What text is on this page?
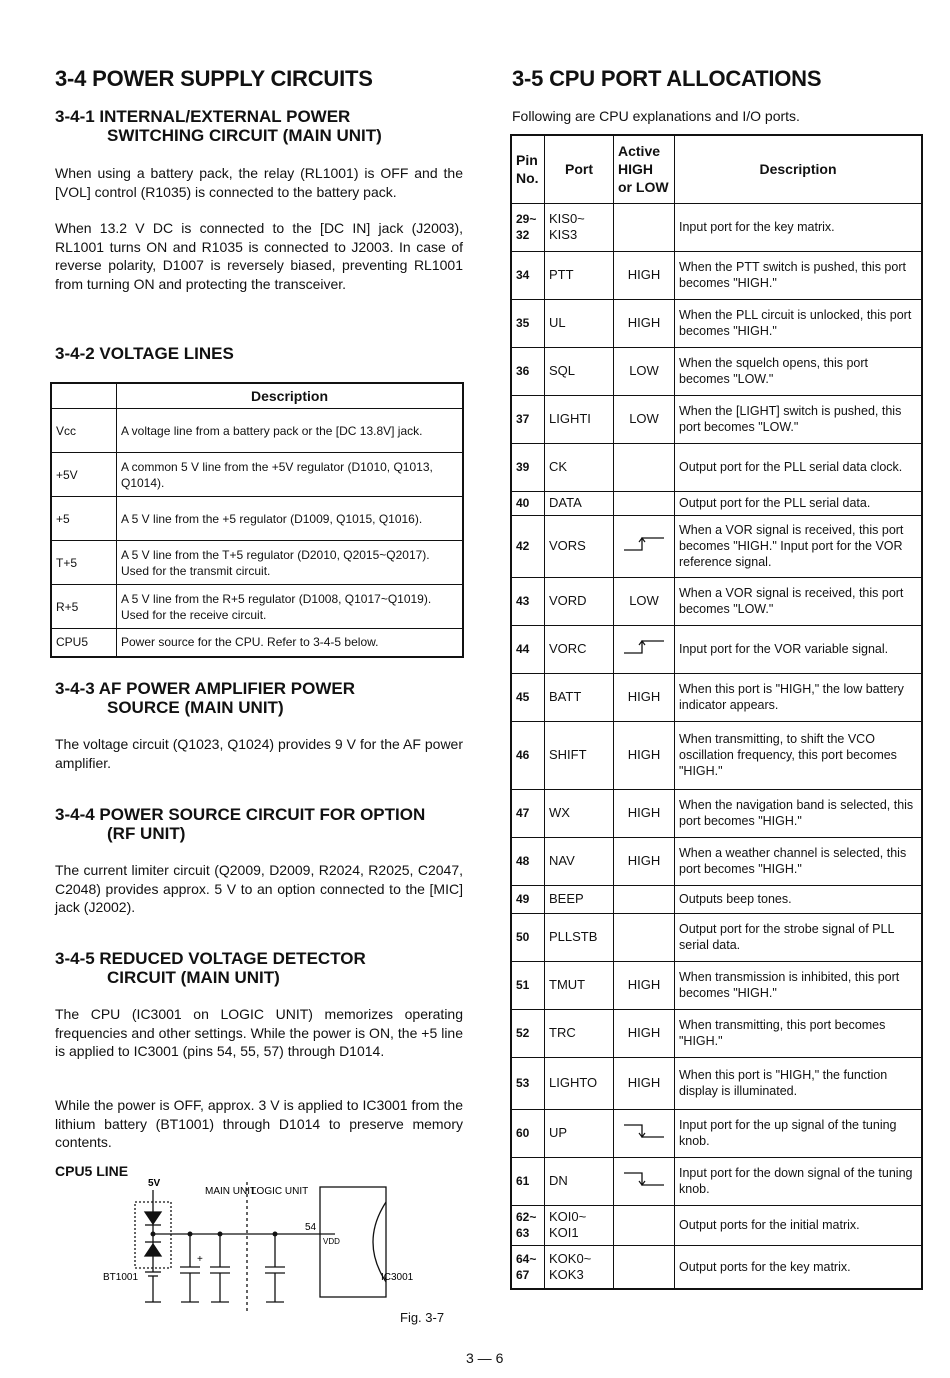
3-4 POWER SUPPLY CIRCUITS
3-4-1 INTERNAL/EXTERNAL POWER
SWITCHING CIRCUIT (MAIN UNIT)

When using a battery pack, the relay (RL1001) is OFF and the [VOL] control (R1035) is connected to the battery pack.

When 13.2 V DC is connected to the [DC IN] jack (J2003), RL1001 turns ON and R1035 is connected to J2003. In case of reverse polarity, D1007 is reversely biased, preventing RL1001 from turning ON and protecting the transceiver.

3-4-2 VOLTAGE LINES
	Description
Vcc	A voltage line from a battery pack or the [DC 13.8V] jack.
+5V	A common 5 V line from the +5V regulator (D1010, Q1013, Q1014).
+5	A 5 V line from the +5 regulator (D1009, Q1015, Q1016).
T+5	A 5 V line from the T+5 regulator (D2010, Q2015~Q2017). Used for the transmit circuit.
R+5	A 5 V line from the R+5 regulator (D1008, Q1017~Q1019). Used for the receive circuit.
CPU5	Power source for the CPU. Refer to 3-4-5 below.
3-4-3 AF POWER AMPLIFIER POWER
SOURCE (MAIN UNIT)

The voltage circuit (Q1023, Q1024) provides 9 V for the AF power amplifier.

3-4-4 POWER SOURCE CIRCUIT FOR OPTION
(RF UNIT)

The current limiter circuit (Q2009, D2009, R2024, R2025, C2047, C2048) provides approx. 5 V to an option connected to the [MIC] jack (J2002).

3-4-5 REDUCED VOLTAGE DETECTOR
CIRCUIT (MAIN UNIT)

The CPU (IC3001 on LOGIC UNIT) memorizes operating frequencies and other settings. While the power is ON, the +5 line is applied to IC3001 (pins 54, 55, 57) through D1014.

While the power is OFF, approx. 3 V is applied to IC3001 from the lithium battery (BT1001) through D1014 to preserve memory contents.

CPU5 LINE
5V
MAIN UNIT
LOGIC UNIT
54
VDD
BT1001	IC3001
+
Fig. 3-7
3-5 CPU PORT ALLOCATIONS

Following are CPU explanations and I/O ports.

Pin No.	Port	Active HIGH or LOW	Description
29~ 32	KIS0~ KIS3		Input port for the key matrix.
34	PTT	HIGH	When the PTT switch is pushed, this port becomes "HIGH."
35	UL	HIGH	When the PLL circuit is unlocked, this port becomes "HIGH."
36	SQL	LOW	When the squelch opens, this port becomes "LOW."
37	LIGHTI	LOW	When the [LIGHT] switch is pushed, this port becomes "LOW."
39	CK		Output port for the PLL serial data clock.
40	DATA		Output port for the PLL serial data.
42	VORS		When a VOR signal is received, this port becomes "HIGH." Input port for the VOR reference signal.
43	VORD	LOW	When a VOR signal is received, this port becomes "LOW."
44	VORC		Input port for the VOR variable signal.
45	BATT	HIGH	When this port is "HIGH," the low battery indicator appears.
46	SHIFT	HIGH	When transmitting, to shift the VCO oscillation frequency, this port becomes "HIGH."
47	WX	HIGH	When the navigation band is selected, this port becomes "HIGH."
48	NAV	HIGH	When a weather channel is selected, this port becomes "HIGH."
49	BEEP		Outputs beep tones.
50	PLLSTB		Output port for the strobe signal of PLL serial data.
51	TMUT	HIGH	When transmission is inhibited, this port becomes "HIGH."
52	TRC	HIGH	When transmitting, this port becomes "HIGH."
53	LIGHTO	HIGH	When this port is "HIGH," the function display is illuminated.
60	UP		Input port for the up signal of the tuning knob.
61	DN		Input port for the down signal of the tuning knob.
62~ 63	KOI0~ KOI1		Output ports for the initial matrix.
64~ 67	KOK0~ KOK3		Output ports for the key matrix.
3 — 6
